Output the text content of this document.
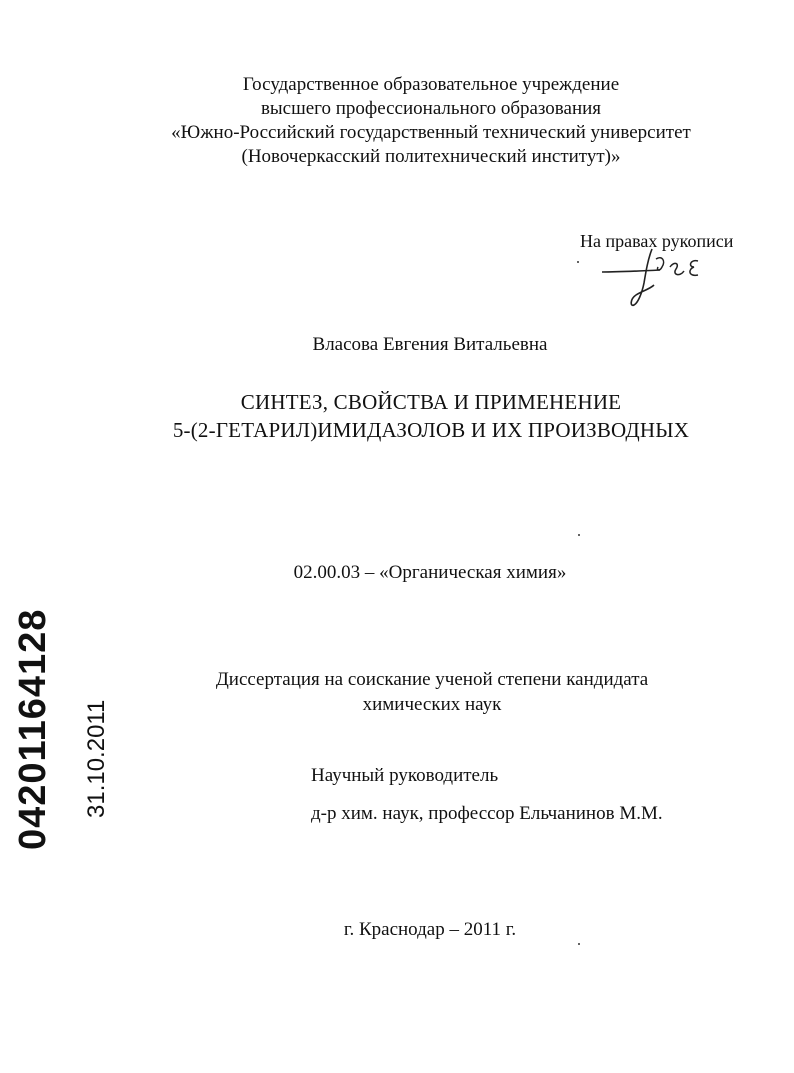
Государственное образовательное учреждение
высшего профессионального образования
«Южно-Российский государственный технический университет
(Новочеркасский политехнический институт)»
На правах рукописи
Власова Евгения Витальевна
СИНТЕЗ, СВОЙСТВА И ПРИМЕНЕНИЕ
5-(2-ГЕТАРИЛ)ИМИДАЗОЛОВ И ИХ ПРОИЗВОДНЫХ
02.00.03 – «Органическая химия»
Диссертация на соискание ученой степени кандидата
химических наук
Научный руководитель
д-р хим. наук, профессор Ельчанинов М.М.
г. Краснодар – 2011 г.
04201164128 31.10.2011
